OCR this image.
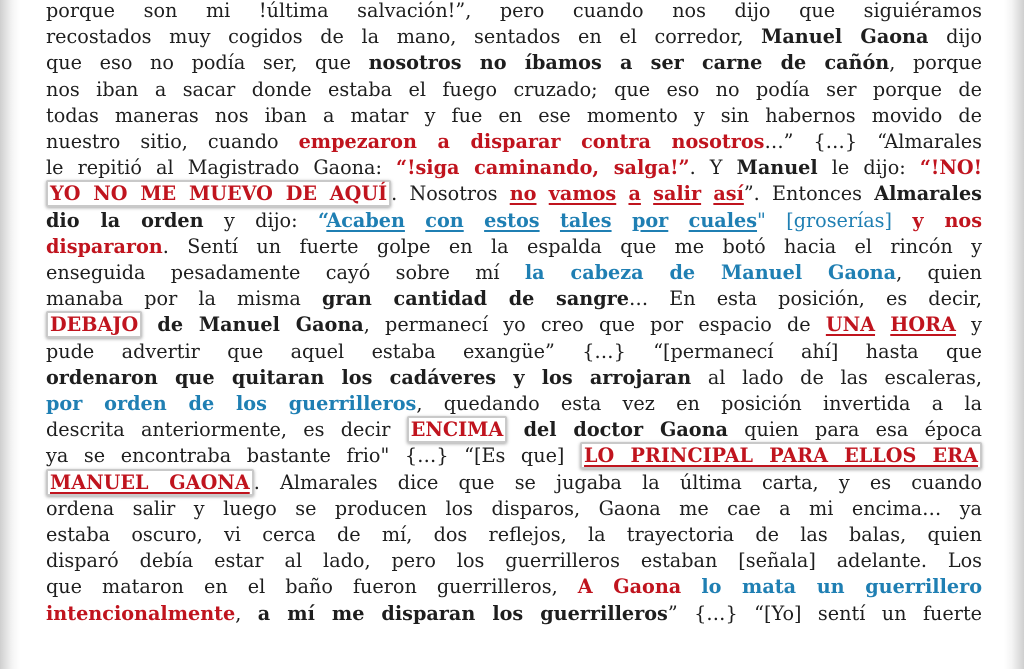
porque son mi !última salvación!”, pero cuando nos dijo que siguiéramos
recostados muy cogidos de la mano, sentados en el corredor, Manuel Gaona dijo
que eso no podía ser, que nosotros no íbamos a ser carne de cañón, porque
nos iban a sacar donde estaba el fuego cruzado; que eso no podía ser porque de
todas maneras nos iban a matar y fue en ese momento y sin habernos movido de
nuestro sitio, cuando empezaron a disparar contra nosotros…” {…} “Almarales
le repitió al Magistrado Gaona: “!siga caminando, salga!”. Y Manuel le dijo: “!NO!
YO NO ME MUEVO DE AQUÍ . Nosotros no vamos a salir así”. Entonces Almarales
dio la orden y dijo: “Acaben con estos tales por cuales" [groserías] y nos
dispararon. Sentí un fuerte golpe en la espalda que me botó hacia el rincón y
enseguida pesadamente cayó sobre mí la cabeza de Manuel Gaona, quien
manaba por la misma gran cantidad de sangre… En esta posición, es decir,
DEBAJO de Manuel Gaona, permanecí yo creo que por espacio de UNA HORA y
pude advertir que aquel estaba exangüe” {…} “[permanecí ahí] hasta que
ordenaron que quitaran los cadáveres y los arrojaran al lado de las escaleras,
por orden de los guerrilleros, quedando esta vez en posición invertida a la
descrita anteriormente, es decir ENCIMA del doctor Gaona quien para esa época
ya se encontraba bastante frio" {…} “[Es que] LO PRINCIPAL PARA ELLOS ERA
MANUEL GAONA . Almarales dice que se jugaba la última carta, y es cuando
ordena salir y luego se producen los disparos, Gaona me cae a mi encima… ya
estaba oscuro, vi cerca de mí, dos reflejos, la trayectoria de las balas, quien
disparó debía estar al lado, pero los guerrilleros estaban [señala] adelante. Los
que mataron en el baño fueron guerrilleros, A Gaona lo mata un guerrillero
intencionalmente, a mí me disparan los guerrilleros” {…} “[Yo] sentí un fuerte
